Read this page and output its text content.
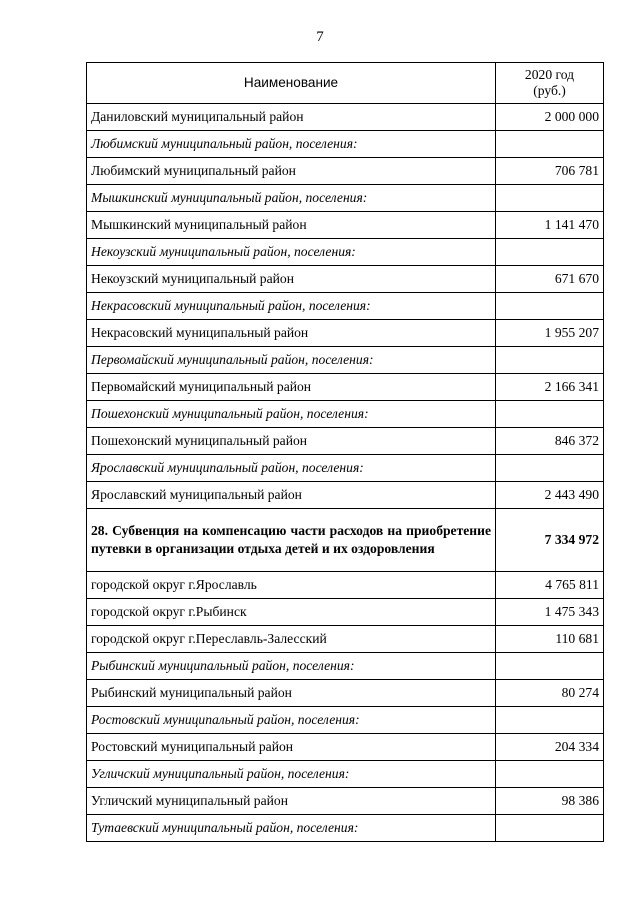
7
Наименование	2020 год
(руб.)
Даниловский муниципальный район	2 000 000
Любимский муниципальный район, поселения:	
Любимский муниципальный район	706 781
Мышкинский муниципальный район, поселения:	
Мышкинский муниципальный район	1 141 470
Некоузский муниципальный район, поселения:	
Некоузский муниципальный район	671 670
Некрасовский муниципальный район, поселения:	
Некрасовский муниципальный район	1 955 207
Первомайский муниципальный район, поселения:	
Первомайский муниципальный район	2 166 341
Пошехонский муниципальный район, поселения:	
Пошехонский муниципальный район	846 372
Ярославский муниципальный район, поселения:	
Ярославский муниципальный район	2 443 490
28. Субвенция на компенсацию части расходов на приобретение путевки в организации отдыха детей и их оздоровления	7 334 972
городской округ г.Ярославль	4 765 811
городской округ г.Рыбинск	1 475 343
городской округ г.Переславль-Залесский	110 681
Рыбинский муниципальный район, поселения:	
Рыбинский муниципальный район	80 274
Ростовский муниципальный район, поселения:	
Ростовский муниципальный район	204 334
Угличский муниципальный район, поселения:	
Угличский муниципальный район	98 386
Тутаевский муниципальный район, поселения:	
